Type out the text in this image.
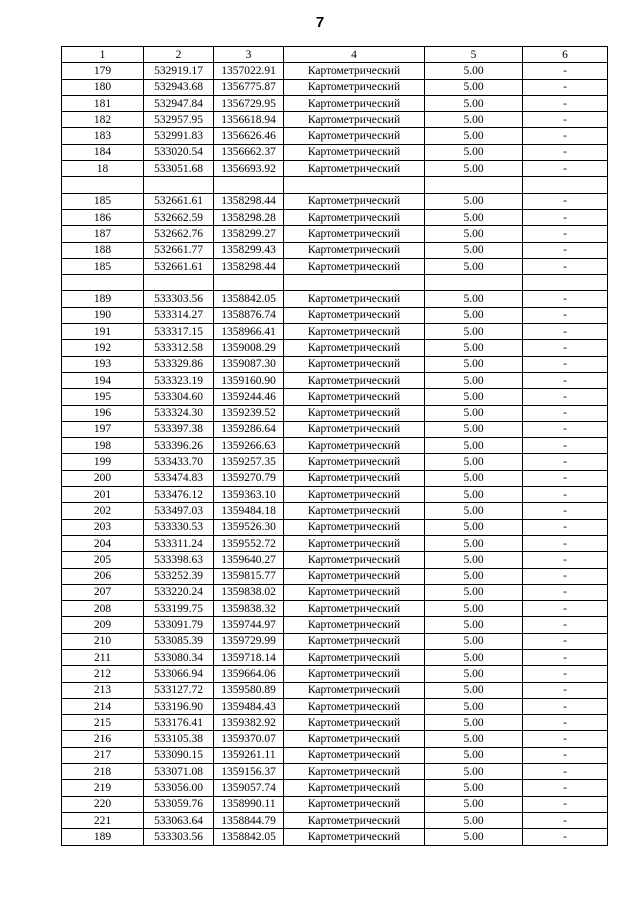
7
1	2	3	4	5	6
179	532919.17	1357022.91	Картометрический	5.00	-
180	532943.68	1356775.87	Картометрический	5.00	-
181	532947.84	1356729.95	Картометрический	5.00	-
182	532957.95	1356618.94	Картометрический	5.00	-
183	532991.83	1356626.46	Картометрический	5.00	-
184	533020.54	1356662.37	Картометрический	5.00	-
18	533051.68	1356693.92	Картометрический	5.00	-

185	532661.61	1358298.44	Картометрический	5.00	-
186	532662.59	1358298.28	Картометрический	5.00	-
187	532662.76	1358299.27	Картометрический	5.00	-
188	532661.77	1358299.43	Картометрический	5.00	-
185	532661.61	1358298.44	Картометрический	5.00	-

189	533303.56	1358842.05	Картометрический	5.00	-
190	533314.27	1358876.74	Картометрический	5.00	-
191	533317.15	1358966.41	Картометрический	5.00	-
192	533312.58	1359008.29	Картометрический	5.00	-
193	533329.86	1359087.30	Картометрический	5.00	-
194	533323.19	1359160.90	Картометрический	5.00	-
195	533304.60	1359244.46	Картометрический	5.00	-
196	533324.30	1359239.52	Картометрический	5.00	-
197	533397.38	1359286.64	Картометрический	5.00	-
198	533396.26	1359266.63	Картометрический	5.00	-
199	533433.70	1359257.35	Картометрический	5.00	-
200	533474.83	1359270.79	Картометрический	5.00	-
201	533476.12	1359363.10	Картометрический	5.00	-
202	533497.03	1359484.18	Картометрический	5.00	-
203	533330.53	1359526.30	Картометрический	5.00	-
204	533311.24	1359552.72	Картометрический	5.00	-
205	533398.63	1359640.27	Картометрический	5.00	-
206	533252.39	1359815.77	Картометрический	5.00	-
207	533220.24	1359838.02	Картометрический	5.00	-
208	533199.75	1359838.32	Картометрический	5.00	-
209	533091.79	1359744.97	Картометрический	5.00	-
210	533085.39	1359729.99	Картометрический	5.00	-
211	533080.34	1359718.14	Картометрический	5.00	-
212	533066.94	1359664.06	Картометрический	5.00	-
213	533127.72	1359580.89	Картометрический	5.00	-
214	533196.90	1359484.43	Картометрический	5.00	-
215	533176.41	1359382.92	Картометрический	5.00	-
216	533105.38	1359370.07	Картометрический	5.00	-
217	533090.15	1359261.11	Картометрический	5.00	-
218	533071.08	1359156.37	Картометрический	5.00	-
219	533056.00	1359057.74	Картометрический	5.00	-
220	533059.76	1358990.11	Картометрический	5.00	-
221	533063.64	1358844.79	Картометрический	5.00	-
189	533303.56	1358842.05	Картометрический	5.00	-
